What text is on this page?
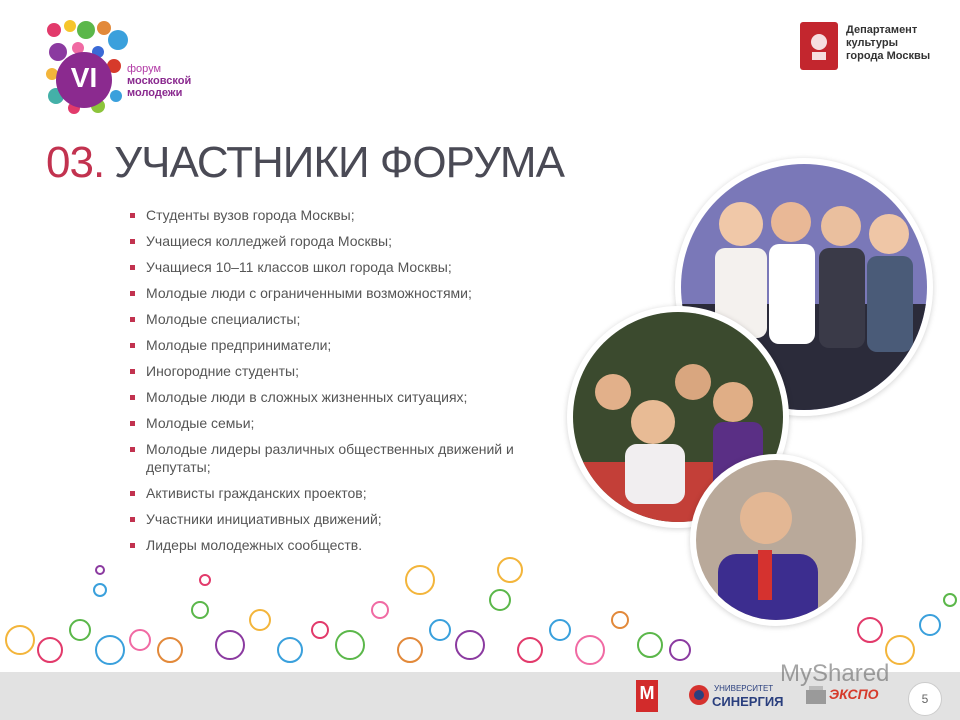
VI	форум
московской
молодежи
Департамент
культуры
города Москвы
03. УЧАСТНИКИ ФОРУМА
Студенты вузов города Москвы;
Учащиеся колледжей города Москвы;
Учащиеся 10–11 классов школ города Москвы;
Молодые люди с ограниченными возможностями;
Молодые специалисты;
Молодые предприниматели;
Иногородние студенты;
Молодые люди в сложных жизненных ситуациях;
Молодые семьи;
Молодые лидеры различных общественных движений и депутаты;
Активисты гражданских проектов;
Участники инициативных движений;
Лидеры молодежных сообществ.
М	УНИВЕРСИТЕТ
СИНЕРГИЯ	ЭКСПО
MyShared
5
